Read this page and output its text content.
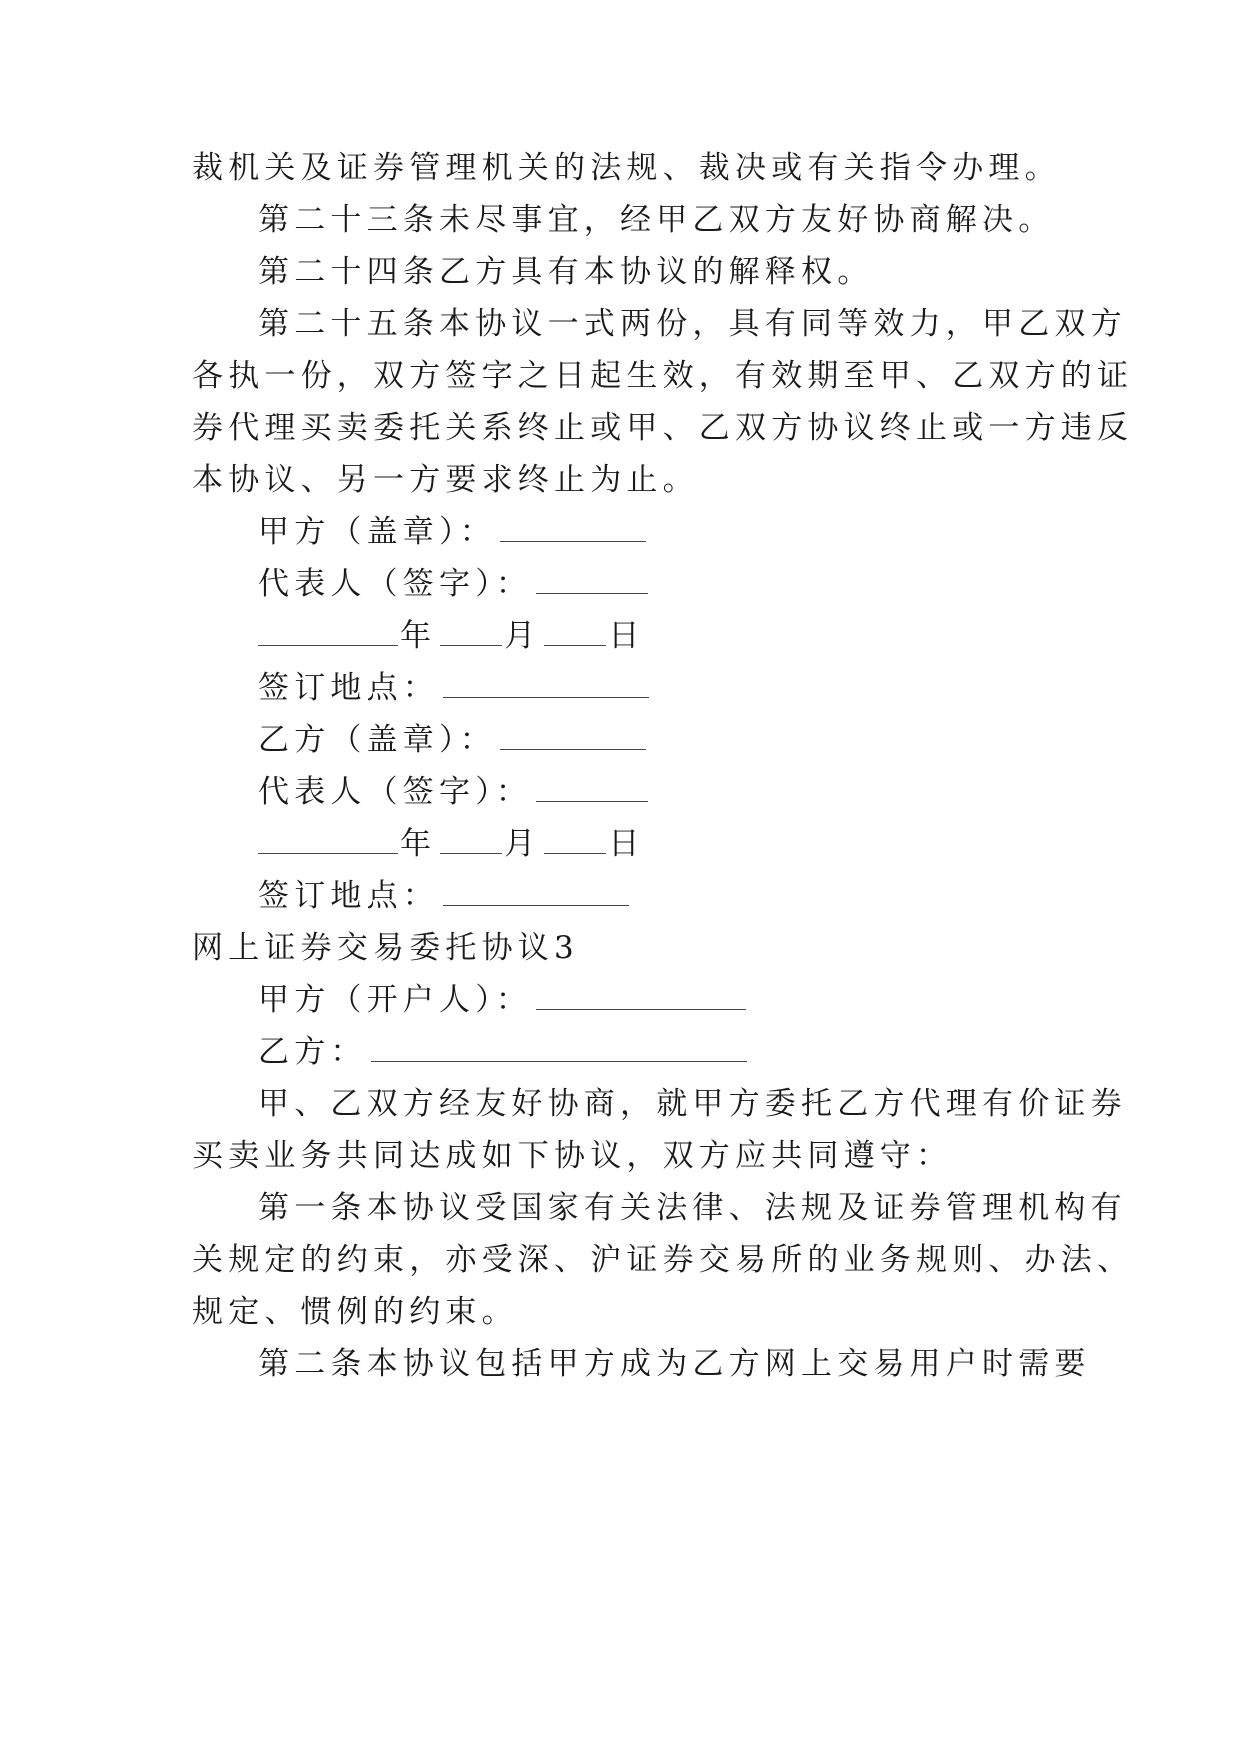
裁机关及证券管理机关的法规、裁决或有关指令办理。
第二十三条未尽事宜，经甲乙双方友好协商解决。
第二十四条乙方具有本协议的解释权。
第二十五条本协议一式两份，具有同等效力，甲乙双方
各执一份，双方签字之日起生效，有效期至甲、乙双方的证
券代理买卖委托关系终止或甲、乙双方协议终止或一方违反
本协议、另一方要求终止为止。
甲方（盖章）：
代表人（签字）：
年 月 日
签订地点：
乙方（盖章）：
代表人（签字）：
年 月 日
签订地点：
网上证券交易委托协议3
甲方（开户人）：
乙方：
甲、乙双方经友好协商，就甲方委托乙方代理有价证券
买卖业务共同达成如下协议，双方应共同遵守：
第一条本协议受国家有关法律、法规及证券管理机构有
关规定的约束，亦受深、沪证券交易所的业务规则、办法、
规定、惯例的约束。
第二条本协议包括甲方成为乙方网上交易用户时需要
